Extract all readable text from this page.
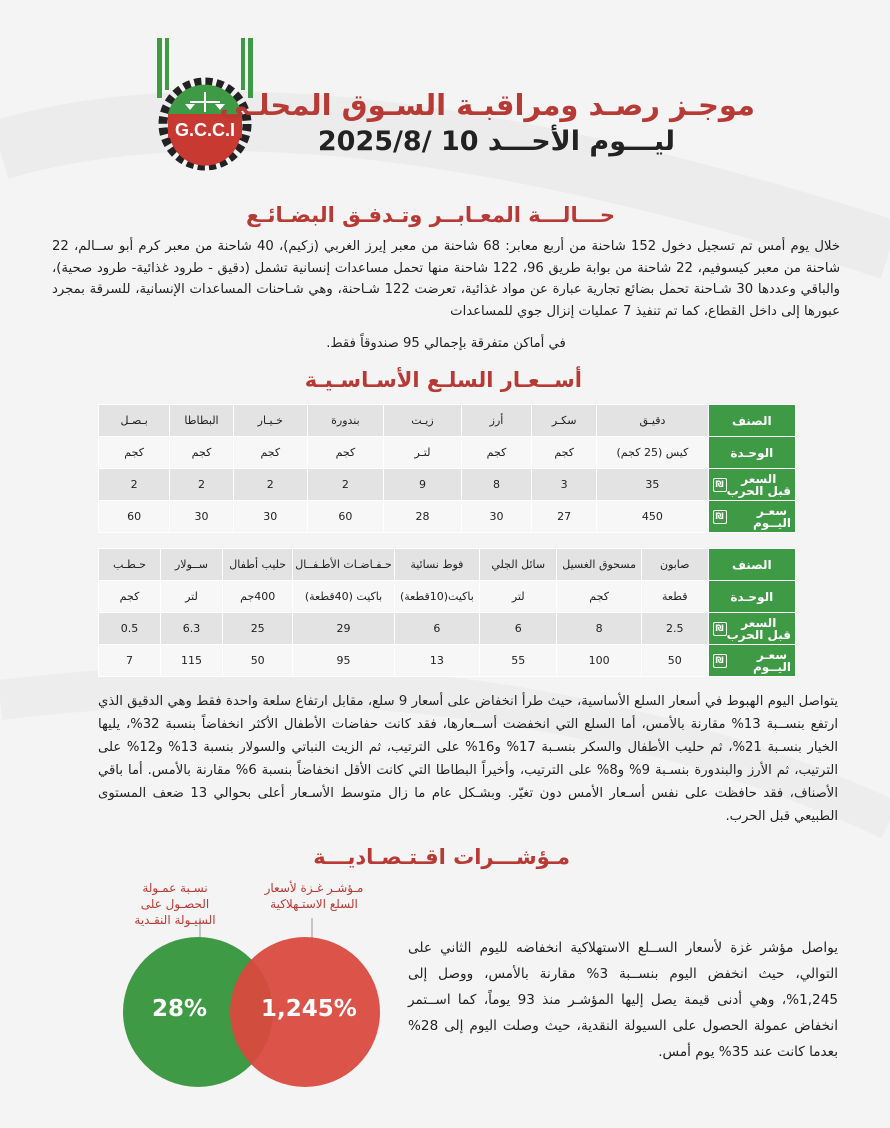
G.C.C.I
موجـز رصـد ومراقبـة السـوق المحلـي
ليـــوم الأحـــد 10 /2025/8
حـــالـــة المعـابــر وتـدفـق البضـائـع
خلال يوم أمس تم تسجيل دخول 152 شاحنة من أربع معابر: 68 شاحنة من معبر إيرز الغربي (زكيم)، 40 شاحنة من معبر كرم أبو ســالم، 22 شاحنة من معبر كيسوفيم، 22 شاحنة من بوابة طريق 96، 122 شاحنة منها تحمل مساعدات إنسانية تشمل (دقيق - طرود غذائية- طرود صحية)، والباقي وعددها 30 شـاحنة تحمل بضائع تجارية عبارة عن مواد غذائية، تعرضت 122 شـاحنة، وهي شـاحنات المساعدات الإنسانية، للسرقة بمجرد عبورها إلى داخل القطاع، كما تم تنفيذ 7 عمليات إنزال جوي للمساعدات
في أماكن متفرقة بإجمالي 95 صندوقاً فقط.
أســعـار السلـع الأسـاسـيـة
الصنف	دقيـق	سكـر	أرز	زيـت	بندورة	خـيـار	البطاطا	بـصـل
الوحـدة	كيس (25 كجم)	كجم	كجم	لتـر	كجم	كجم	كجم	كجم

السعر
قبل الحرب
₪	35	3	8	9	2	2	2	2

سعـر
اليــوم
₪	450	27	30	28	60	30	30	60
الصنف	صابون	مسحوق الغسيل	سائل الجلي	فوط نسائية	حـفـاضـات الأطـفــال	حليب أطفال	ســولار	حـطـب
الوحـدة	قطعة	كجم	لتر	باكيت(10قطعة)	باكيت (40قطعة)	400جم	لتر	كجم

السعر
قبل الحرب
₪	2.5	8	6	6	29	25	6.3	0.5

سعـر
اليــوم
₪	50	100	55	13	95	50	115	7
يتواصل اليوم الهبوط في أسعار السلع الأساسية، حيث طرأ انخفاض على أسعار 9 سلع، مقابل ارتفاع سلعة واحدة فقط وهي الدقيق الذي ارتفع بنســبة 13% مقارنة بالأمس، أما السلع التي انخفضت أســعارها، فقد كانت حفاضات الأطفال الأكثر انخفاضاً بنسبة 32%، يليها الخيار بنسـبة 21%، ثم حليب الأطفال والسكر بنسـبة 17% و16% على الترتيب، ثم الزيت النباتي والسولار بنسبة 13% و12% على الترتيب، ثم الأرز والبندورة بنسـبة 9% و8% على الترتيب، وأخيراً البطاطا التي كانت الأقل انخفاضاً بنسبة 6% مقارنة بالأمس. أما باقي الأصناف، فقد حافظت على نفس أسـعار الأمس دون تغيّر. وبشـكل عام ما زال متوسط الأسـعار أعلى بحوالي 13 ضعف المستوى الطبيعي قبل الحرب.
مـؤشـــرات اقـتـصـاديـــة
نسـبة عمـولة الحصـول على السيـولة النقـدية
مـؤشـر غـزة لأسعار السلع الاستـهلاكية
28% 1,245%
يواصل مؤشر غزة لأسعار الســلع الاستهلاكية انخفاضه لليوم الثاني على التوالي، حيث انخفض اليوم بنســبة 3% مقارنة بالأمس، ووصل إلى 1,245%، وهي أدنى قيمة يصل إليها المؤشـر منذ 93 يوماً، كما اســتمر انخفاض عمولة الحصول على السيولة النقدية، حيث وصلت اليوم إلى 28% بعدما كانت عند 35% يوم أمس.
